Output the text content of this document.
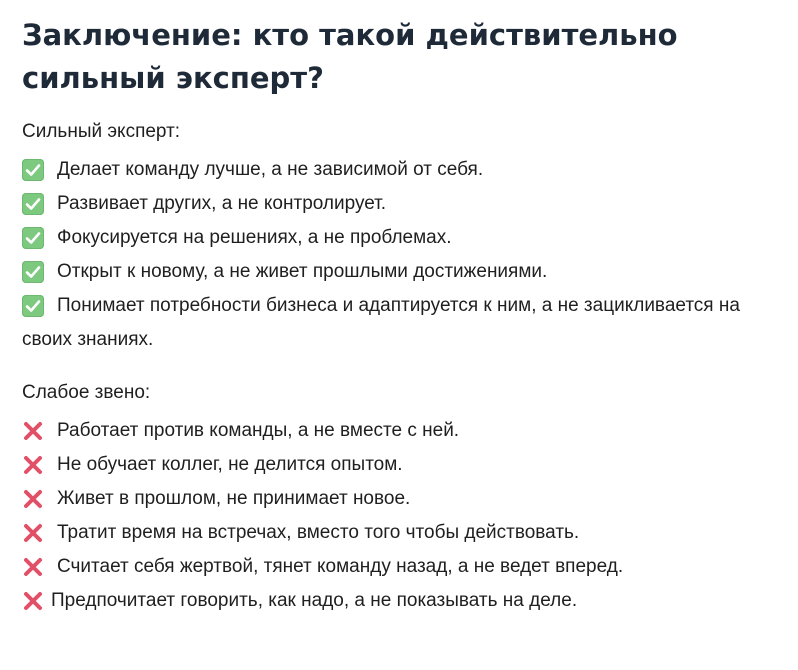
Заключение: кто такой действительно сильный эксперт?
Сильный эксперт:
Делает команду лучше, а не зависимой от себя.
Развивает других, а не контролирует.
Фокусируется на решениях, а не проблемах.
Открыт к новому, а не живет прошлыми достижениями.
Понимает потребности бизнеса и адаптируется к ним, а не зацикливается на своих знаниях.
Слабое звено:
Работает против команды, а не вместе с ней.
Не обучает коллег, не делится опытом.
Живет в прошлом, не принимает новое.
Тратит время на встречах, вместо того чтобы действовать.
Считает себя жертвой, тянет команду назад, а не ведет вперед.
Предпочитает говорить, как надо, а не показывать на деле.
